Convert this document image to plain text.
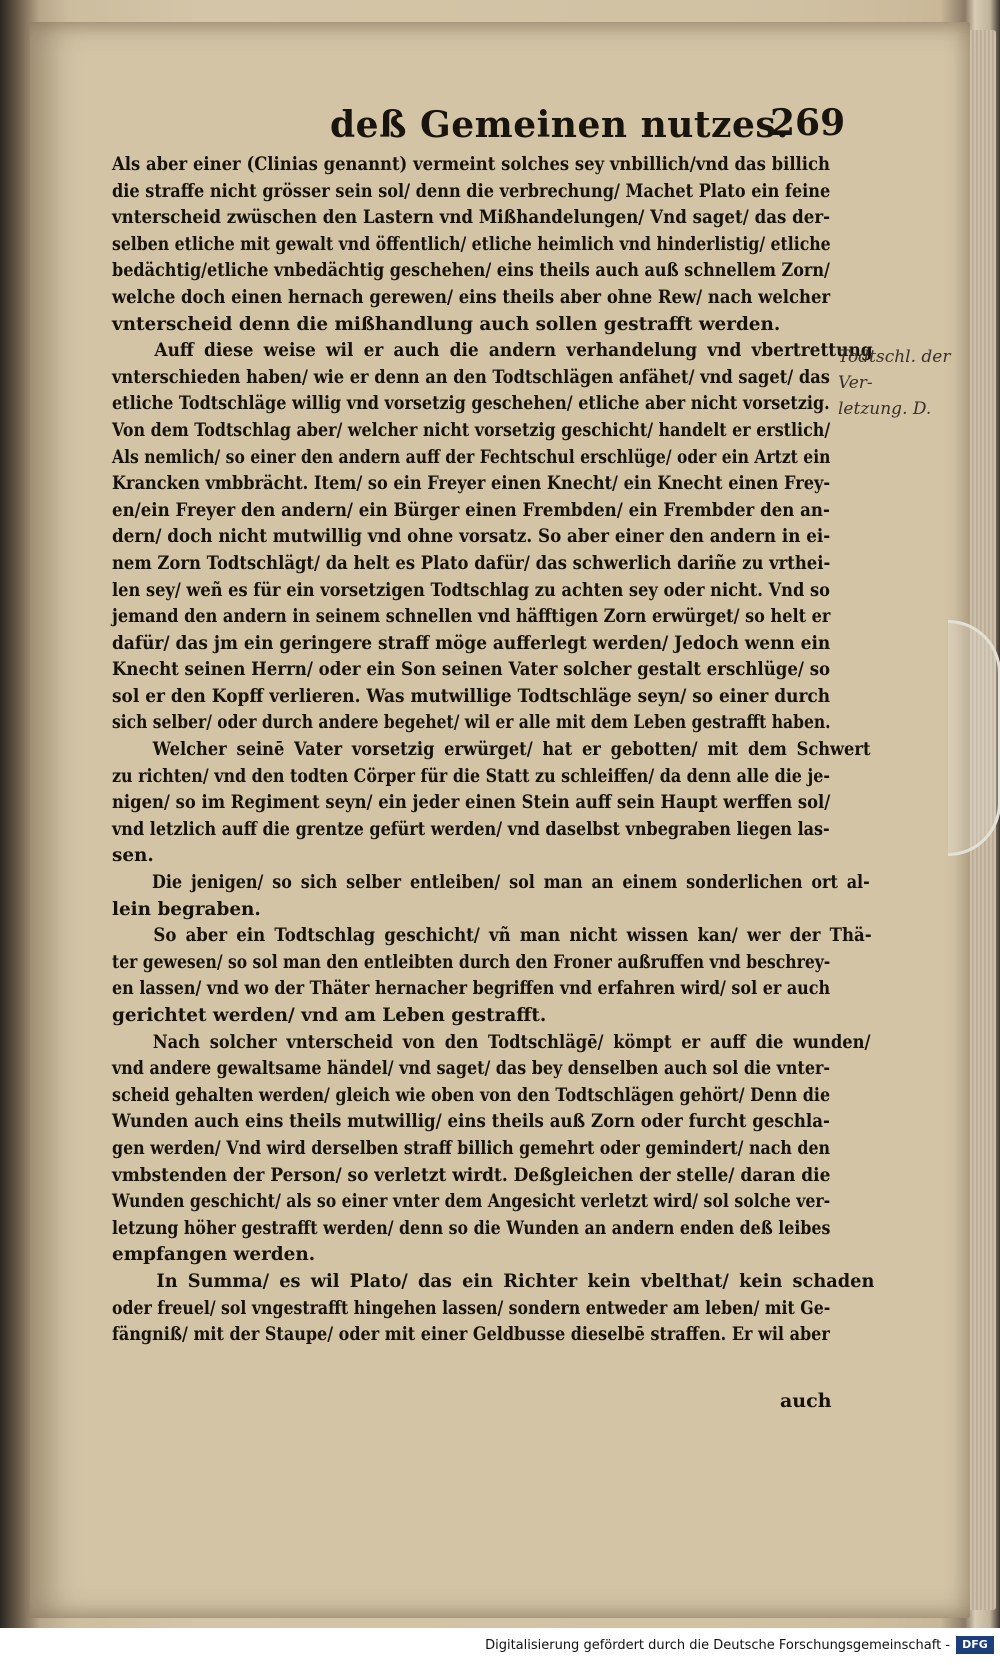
deß Gemeinen nutzes.
269

Als aber einer (Clinias genannt) vermeint solches sey vnbillich/vnd das billich
die straffe nicht grösser sein sol/ denn die verbrechung/ Machet Plato ein feine
vnterscheid zwüschen den Lastern vnd Mißhandelungen/ Vnd saget/ das der-
selben etliche mit gewalt vnd öffentlich/ etliche heimlich vnd hinderlistig/ etliche
bedächtig/etliche vnbedächtig geschehen/ eins theils auch auß schnellem Zorn/
welche doch einen hernach gerewen/ eins theils aber ohne Rew/ nach welcher
vnterscheid denn die mißhandlung auch sollen gestrafft werden.

Auff diese weise wil er auch die andern verhandelung vnd vbertrettung
vnterschieden haben/ wie er denn an den Todtschlägen anfähet/ vnd saget/ das
etliche Todtschläge willig vnd vorsetzig geschehen/ etliche aber nicht vorsetzig.
Von dem Todtschlag aber/ welcher nicht vorsetzig geschicht/ handelt er erstlich/
Als nemlich/ so einer den andern auff der Fechtschul erschlüge/ oder ein Artzt ein
Krancken vmbbrächt. Item/ so ein Freyer einen Knecht/ ein Knecht einen Frey-
en/ein Freyer den andern/ ein Bürger einen Frembden/ ein Frembder den an-
dern/ doch nicht mutwillig vnd ohne vorsatz. So aber einer den andern in ei-
nem Zorn Todtschlägt/ da helt es Plato dafür/ das schwerlich dariñe zu vrthei-
len sey/ weñ es für ein vorsetzigen Todtschlag zu achten sey oder nicht. Vnd so
jemand den andern in seinem schnellen vnd häfftigen Zorn erwürget/ so helt er
dafür/ das jm ein geringere straff möge aufferlegt werden/ Jedoch wenn ein
Knecht seinen Herrn/ oder ein Son seinen Vater solcher gestalt erschlüge/ so
sol er den Kopff verlieren. Was mutwillige Todtschläge seyn/ so einer durch
sich selber/ oder durch andere begehet/ wil er alle mit dem Leben gestrafft haben.

Welcher seinē Vater vorsetzig erwürget/ hat er gebotten/ mit dem Schwert
zu richten/ vnd den todten Cörper für die Statt zu schleiffen/ da denn alle die je-
nigen/ so im Regiment seyn/ ein jeder einen Stein auff sein Haupt werffen sol/
vnd letzlich auff die grentze gefürt werden/ vnd daselbst vnbegraben liegen las-
sen.

Die jenigen/ so sich selber entleiben/ sol man an einem sonderlichen ort al-
lein begraben.

So aber ein Todtschlag geschicht/ vñ man nicht wissen kan/ wer der Thä-
ter gewesen/ so sol man den entleibten durch den Froner außruffen vnd beschrey-
en lassen/ vnd wo der Thäter hernacher begriffen vnd erfahren wird/ sol er auch
gerichtet werden/ vnd am Leben gestrafft.

Nach solcher vnterscheid von den Todtschlägē/ kömpt er auff die wunden/
vnd andere gewaltsame händel/ vnd saget/ das bey denselben auch sol die vnter-
scheid gehalten werden/ gleich wie oben von den Todtschlägen gehört/ Denn die
Wunden auch eins theils mutwillig/ eins theils auß Zorn oder furcht geschla-
gen werden/ Vnd wird derselben straff billich gemehrt oder gemindert/ nach den
vmbstenden der Person/ so verletzt wirdt. Deßgleichen der stelle/ daran die
Wunden geschicht/ als so einer vnter dem Angesicht verletzt wird/ sol solche ver-
letzung höher gestrafft werden/ denn so die Wunden an andern enden deß leibes
empfangen werden.

In Summa/ es wil Plato/ das ein Richter kein vbelthat/ kein schaden
oder freuel/ sol vngestrafft hingehen lassen/ sondern entweder am leben/ mit Ge-
fängniß/ mit der Staupe/ oder mit einer Geldbusse dieselbē straffen. Er wil aber

Todtschl. der Ver-
letzung. D.
auch
Digitalisierung gefördert durch die Deutsche Forschungsgemeinschaft -	DFG
